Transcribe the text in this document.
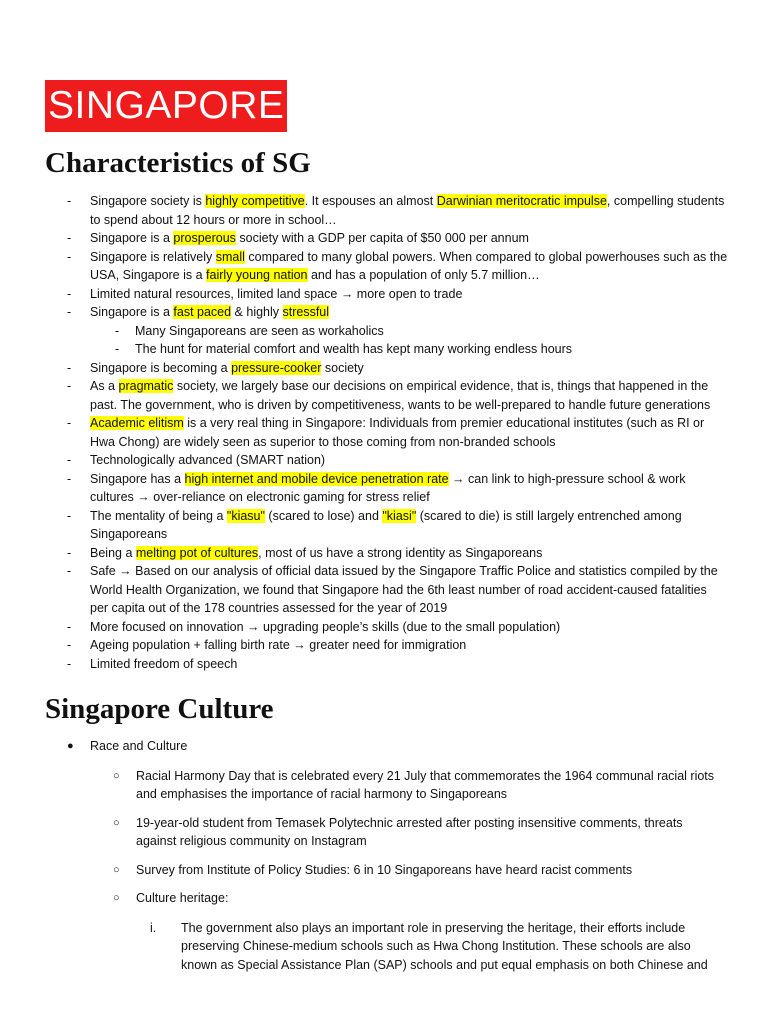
SINGAPORE
Characteristics of SG
- Singapore society is highly competitive. It espouses an almost Darwinian meritocratic impulse, compelling students to spend about 12 hours or more in school…
- Singapore is a prosperous society with a GDP per capita of $50 000 per annum
- Singapore is relatively small compared to many global powers. When compared to global powerhouses such as the USA, Singapore is a fairly young nation and has a population of only 5.7 million…
- Limited natural resources, limited land space → more open to trade
- Singapore is a fast paced & highly stressful
- Many Singaporeans are seen as workaholics
- The hunt for material comfort and wealth has kept many working endless hours
- Singapore is becoming a pressure-cooker society
- As a pragmatic society, we largely base our decisions on empirical evidence, that is, things that happened in the past. The government, who is driven by competitiveness, wants to be well-prepared to handle future generations
- Academic elitism is a very real thing in Singapore: Individuals from premier educational institutes (such as RI or Hwa Chong) are widely seen as superior to those coming from non-branded schools
- Technologically advanced (SMART nation)
- Singapore has a high internet and mobile device penetration rate → can link to high-pressure school & work cultures → over-reliance on electronic gaming for stress relief
- The mentality of being a "kiasu" (scared to lose) and "kiasi" (scared to die) is still largely entrenched among Singaporeans
- Being a melting pot of cultures, most of us have a strong identity as Singaporeans
- Safe → Based on our analysis of official data issued by the Singapore Traffic Police and statistics compiled by the World Health Organization, we found that Singapore had the 6th least number of road accident-caused fatalities per capita out of the 178 countries assessed for the year of 2019
- More focused on innovation → upgrading people’s skills (due to the small population)
- Ageing population + falling birth rate → greater need for immigration
- Limited freedom of speech
Singapore Culture
● Race and Culture
○ Racial Harmony Day that is celebrated every 21 July that commemorates the 1964 communal racial riots and emphasises the importance of racial harmony to Singaporeans
○ 19-year-old student from Temasek Polytechnic arrested after posting insensitive comments, threats against religious community on Instagram
○ Survey from Institute of Policy Studies: 6 in 10 Singaporeans have heard racist comments
○ Culture heritage:
i. The government also plays an important role in preserving the heritage, their efforts include preserving Chinese-medium schools such as Hwa Chong Institution. These schools are also known as Special Assistance Plan (SAP) schools and put equal emphasis on both Chinese and
